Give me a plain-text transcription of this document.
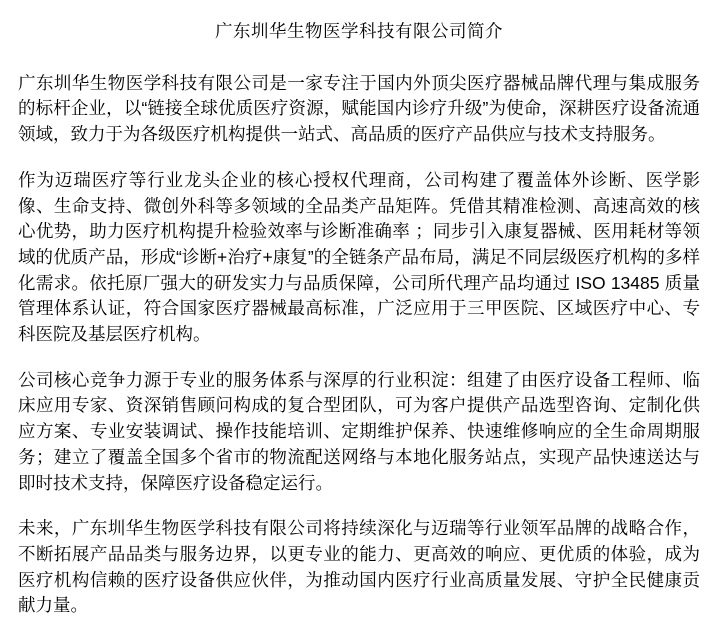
广东圳华生物医学科技有限公司简介

广东圳华生物医学科技有限公司是一家专注于国内外顶尖医疗器械品牌代理与集成服务的标杆企业，以“链接全球优质医疗资源，赋能国内诊疗升级”为使命，深耕医疗设备流通领域，致力于为各级医疗机构提供一站式、高品质的医疗产品供应与技术支持服务。

作为迈瑞医疗等行业龙头企业的核心授权代理商，公司构建了覆盖体外诊断、医学影像、生命支持、微创外科等多领域的全品类产品矩阵。凭借其精准检测、高速高效的核心优势，助力医疗机构提升检验效率与诊断准确率 ；同步引入康复器械、医用耗材等领域的优质产品，形成“诊断+治疗+康复”的全链条产品布局，满足不同层级医疗机构的多样化需求。依托原厂强大的研发实力与品质保障，公司所代理产品均通过 ISO 13485 质量管理体系认证，符合国家医疗器械最高标准，广泛应用于三甲医院、区域医疗中心、专科医院及基层医疗机构。

公司核心竞争力源于专业的服务体系与深厚的行业积淀：组建了由医疗设备工程师、临床应用专家、资深销售顾问构成的复合型团队，可为客户提供产品选型咨询、定制化供应方案、专业安装调试、操作技能培训、定期维护保养、快速维修响应的全生命周期服务；建立了覆盖全国多个省市的物流配送网络与本地化服务站点，实现产品快速送达与即时技术支持，保障医疗设备稳定运行。

未来，广东圳华生物医学科技有限公司将持续深化与迈瑞等行业领军品牌的战略合作，不断拓展产品品类与服务边界，以更专业的能力、更高效的响应、更优质的体验，成为医疗机构信赖的医疗设备供应伙伴，为推动国内医疗行业高质量发展、守护全民健康贡献力量。
